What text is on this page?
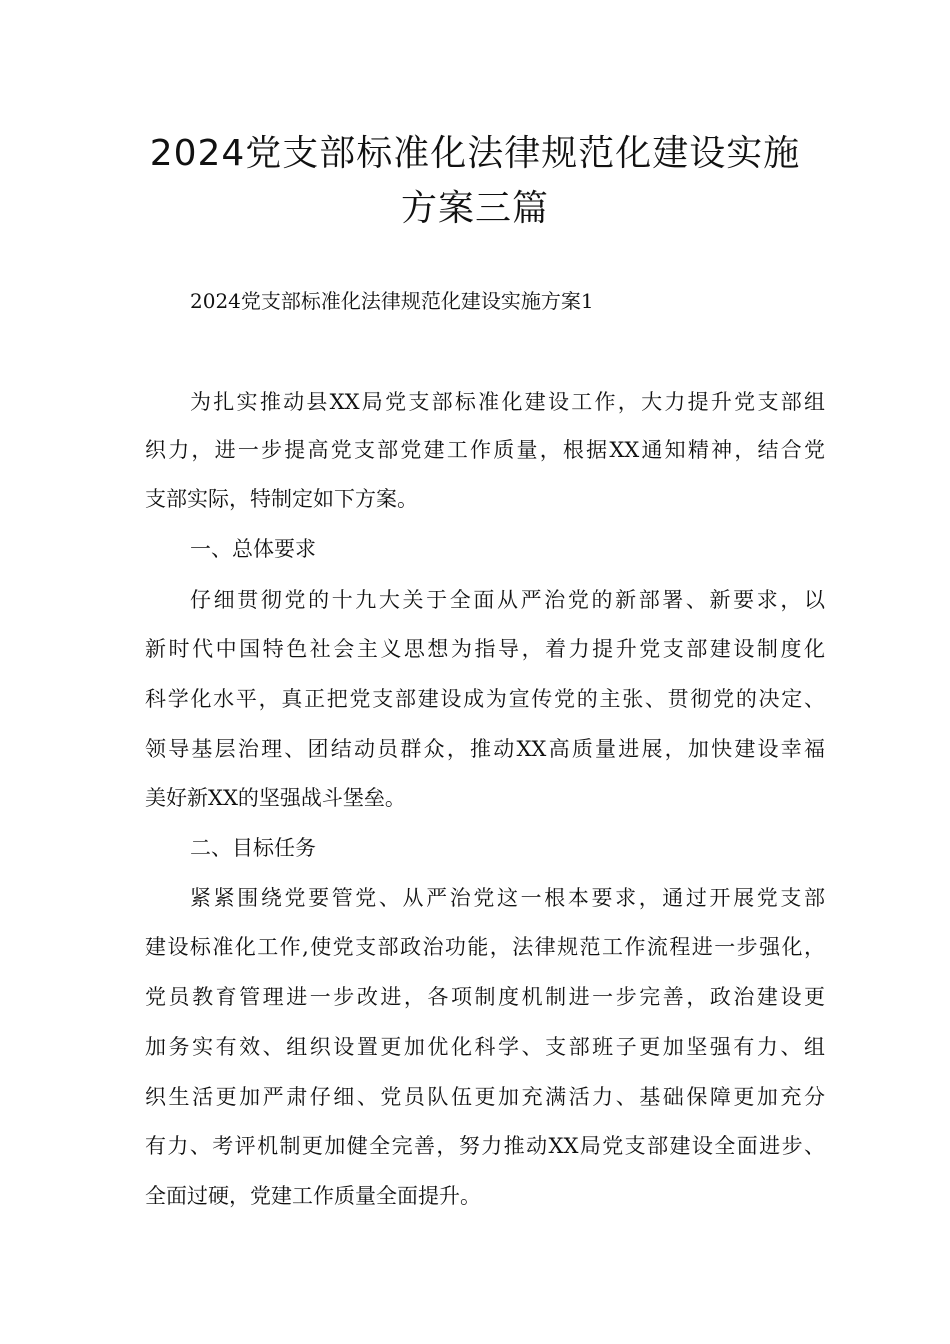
2024党支部标准化法律规范化建设实施
方案三篇
2024党支部标准化法律规范化建设实施方案1
为扎实推动县XX局党支部标准化建设工作，大力提升党支部组
织力，进一步提高党支部党建工作质量，根据XX通知精神，结合党
支部实际，特制定如下方案。
一、总体要求
仔细贯彻党的十九大关于全面从严治党的新部署、新要求，以
新时代中国特色社会主义思想为指导，着力提升党支部建设制度化
科学化水平，真正把党支部建设成为宣传党的主张、贯彻党的决定、
领导基层治理、团结动员群众，推动XX高质量进展，加快建设幸福
美好新XX的坚强战斗堡垒。
二、目标任务
紧紧围绕党要管党、从严治党这一根本要求，通过开展党支部
建设标准化工作,使党支部政治功能，法律规范工作流程进一步强化，
党员教育管理进一步改进，各项制度机制进一步完善，政治建设更
加务实有效、组织设置更加优化科学、支部班子更加坚强有力、组
织生活更加严肃仔细、党员队伍更加充满活力、基础保障更加充分
有力、考评机制更加健全完善，努力推动XX局党支部建设全面进步、
全面过硬，党建工作质量全面提升。
